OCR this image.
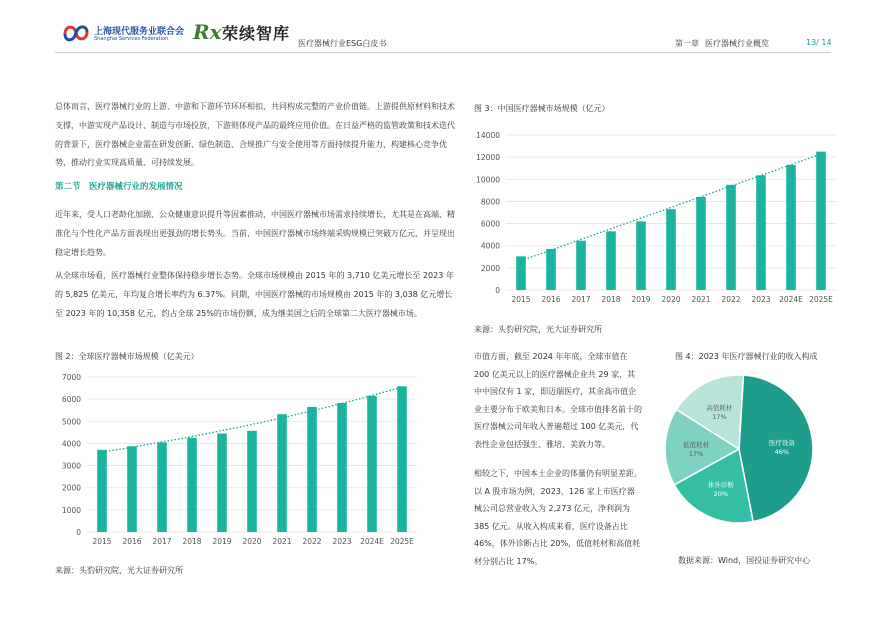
上海现代服务业联合会
Shanghai Services Federation Rx 荣续智库
医疗器械行业ESG白皮书	第一章 医疗器械行业概览	13/ 14
总体而言，医疗器械行业的上游、中游和下游环节环环相扣，共同构成完整的产业价值链。上游提供原材料和技术支撑，中游实现产品设计、制造与市场投放，下游则体现产品的最终应用价值。在日益严格的监管政策和技术迭代的背景下，医疗器械企业需在研发创新、绿色制造、合规推广与安全使用等方面持续提升能力，构建核心竞争优势，推动行业实现高质量、可持续发展。
第二节　医疗器械行业的发展情况
近年来，受人口老龄化加剧、公众健康意识提升等因素推动，中国医疗器械市场需求持续增长，尤其是在高端、精准化与个性化产品方面表现出更强劲的增长势头。当前，中国医疗器械市场终端采购规模已突破万亿元，并呈现出稳定增长趋势。
从全球市场看，医疗器械行业整体保持稳步增长态势。全球市场规模由 2015 年的 3,710 亿美元增长至 2023 年的 5,825 亿美元，年均复合增长率约为 6.37%。同期，中国医疗器械的市场规模由 2015 年的 3,038 亿元增长至 2023 年的 10,358 亿元，约占全球 25%的市场份额，成为继美国之后的全球第二大医疗器械市场。
图 2：全球医疗器械市场规模（亿美元）
0
1000
2000
3000
4000
5000
6000
7000
2015 2016 2017 2018 2019 2020 2021 2022 2023 2024E 2025E
来源：头豹研究院，光大证券研究所
图 3：中国医疗器械市场规模（亿元）
0
2000
4000
6000
8000
10000
12000
14000
2015 2016 2017 2018 2019 2020 2021 2022 2023 2024E 2025E
来源：头豹研究院，光大证券研究所
市值方面，截至 2024 年年底，全球市值在 200 亿美元以上的医疗器械企业共 29 家，其中中国仅有 1 家，即迈瑞医疗，其余高市值企业主要分布于欧美和日本。全球市值排名前十的医疗器械公司年收入普遍超过 100 亿美元，代表性企业包括强生、雅培、美敦力等。
相较之下，中国本土企业的体量仍有明显差距。以 A 股市场为例，2023，126 家上市医疗器械公司总营业收入为 2,273 亿元，净利润为 385 亿元。从收入构成来看，医疗设备占比 46%，体外诊断占比 20%，低值耗材和高值耗材分别占比 17%。
图 4：2023 年医疗器械行业的收入构成
医疗设备
46%
体外诊断
20%
低值耗材
17%
高值耗材
17%
数据来源：Wind，国投证券研究中心
